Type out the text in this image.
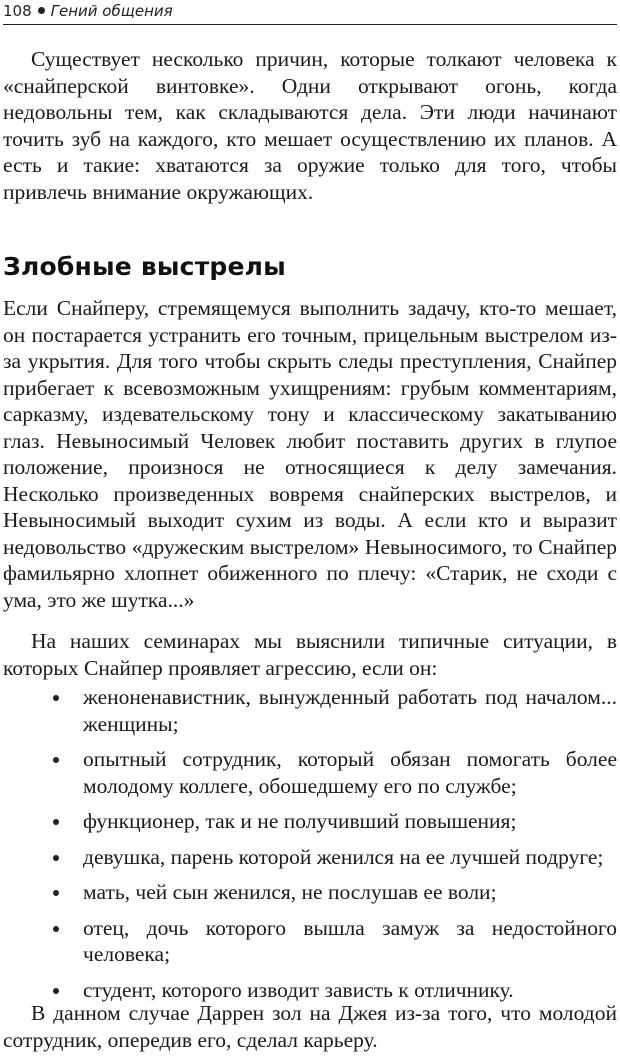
108 Гений общения

Существует несколько причин, которые толкают человека к «снайперской винтовке». Одни открывают огонь, когда недовольны тем, как складываются дела. Эти люди начинают точить зуб на каждого, кто мешает осуществлению их планов. А есть и такие: хватаются за оружие только для того, чтобы привлечь внимание окружающих.

Злобные выстрелы

Если Снайперу, стремящемуся выполнить задачу, кто-то мешает, он постарается устранить его точным, прицельным выстрелом из-за укрытия. Для того чтобы скрыть следы преступления, Снайпер прибегает к всевозможным ухищрениям: грубым комментариям, сарказму, издевательскому тону и классическому закатыванию глаз. Невыносимый Человек любит поставить других в глупое положение, произнося не относящиеся к делу замечания. Несколько произведенных вовремя снайперских выстрелов, и Невыносимый выходит сухим из воды. А если кто и выразит недовольство «дружеским выстрелом» Невыносимого, то Снайпер фамильярно хлопнет обиженного по плечу: «Старик, не сходи с ума, это же шутка...»

На наших семинарах мы выяснили типичные ситуации, в которых Снайпер проявляет агрессию, если он:

женоненавистник, вынужденный работать под началом... женщины;
опытный сотрудник, который обязан помогать более молодому коллеге, обошедшему его по службе;
функционер, так и не получивший повышения;
девушка, парень которой женился на ее лучшей подруге;
мать, чей сын женился, не послушав ее воли;
отец, дочь которого вышла замуж за недостойного человека;
студент, которого изводит зависть к отличнику.

В данном случае Даррен зол на Джея из-за того, что молодой сотрудник, опередив его, сделал карьеру.
